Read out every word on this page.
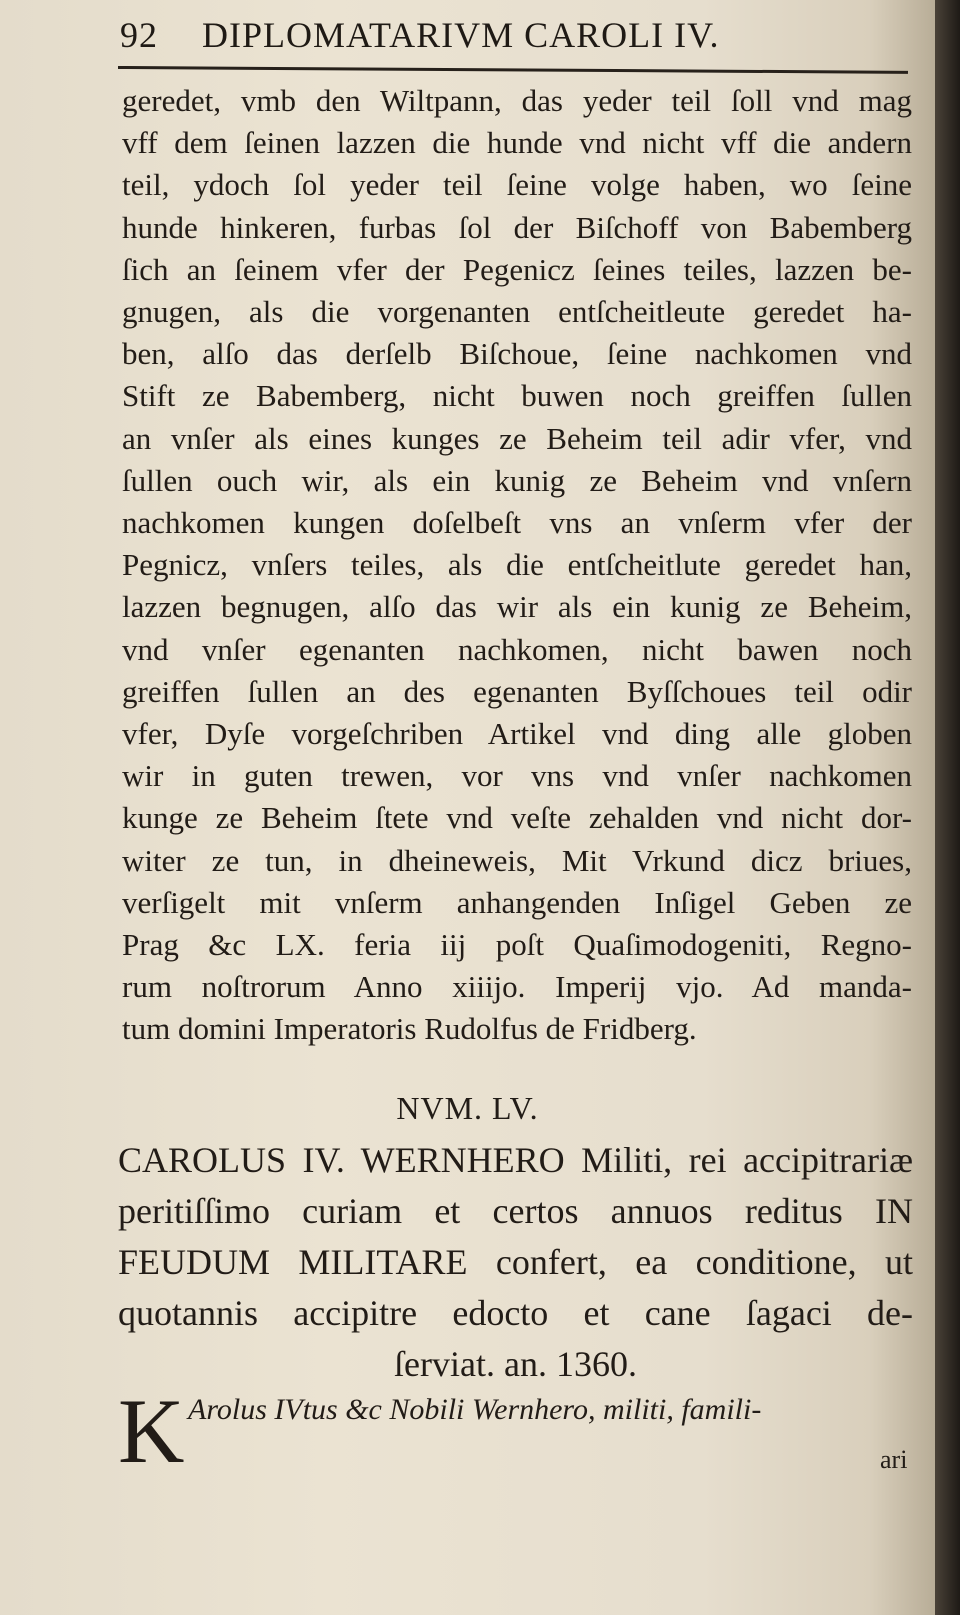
92 DIPLOMATARIVM CAROLI IV.
geredet, vmb den Wiltpann, das yeder teil ſoll vnd mag
vff dem ſeinen lazzen die hunde vnd nicht vff die andern
teil, ydoch ſol yeder teil ſeine volge haben, wo ſeine
hunde hinkeren, furbas ſol der Biſchoff von Babemberg
ſich an ſeinem vfer der Pegenicz ſeines teiles, lazzen be-
gnugen, als die vorgenanten entſcheitleute geredet ha-
ben, alſo das derſelb Biſchoue, ſeine nachkomen vnd
Stift ze Babemberg, nicht buwen noch greiffen ſullen
an vnſer als eines kunges ze Beheim teil adir vfer, vnd
ſullen ouch wir, als ein kunig ze Beheim vnd vnſern
nachkomen kungen doſelbeſt vns an vnſerm vfer der
Pegnicz, vnſers teiles, als die entſcheitlute geredet han,
lazzen begnugen, alſo das wir als ein kunig ze Beheim,
vnd vnſer egenanten nachkomen, nicht bawen noch
greiffen ſullen an des egenanten Byſſchoues teil odir
vfer, Dyſe vorgeſchriben Artikel vnd ding alle globen
wir in guten trewen, vor vns vnd vnſer nachkomen
kunge ze Beheim ſtete vnd veſte zehalden vnd nicht dor-
witer ze tun, in dheineweis, Mit Vrkund dicz briues,
verſigelt mit vnſerm anhangenden Inſigel Geben ze
Prag &c LX. feria iij poſt Quaſimodogeniti, Regno-
rum noſtrorum Anno xiiijo. Imperij vjo. Ad manda-
tum domini Imperatoris Rudolfus de Fridberg.
NVM. LV.
CAROLUS IV. WERNHERO Militi, rei accipitrariæ
peritiſſimo curiam et certos annuos reditus IN
FEUDUM MILITARE confert, ea conditione, ut
quotannis accipitre edocto et cane ſagaci de-
ſerviat. an. 1360.
K Arolus IVtus &c Nobili Wernhero, militi, famili-
ari
